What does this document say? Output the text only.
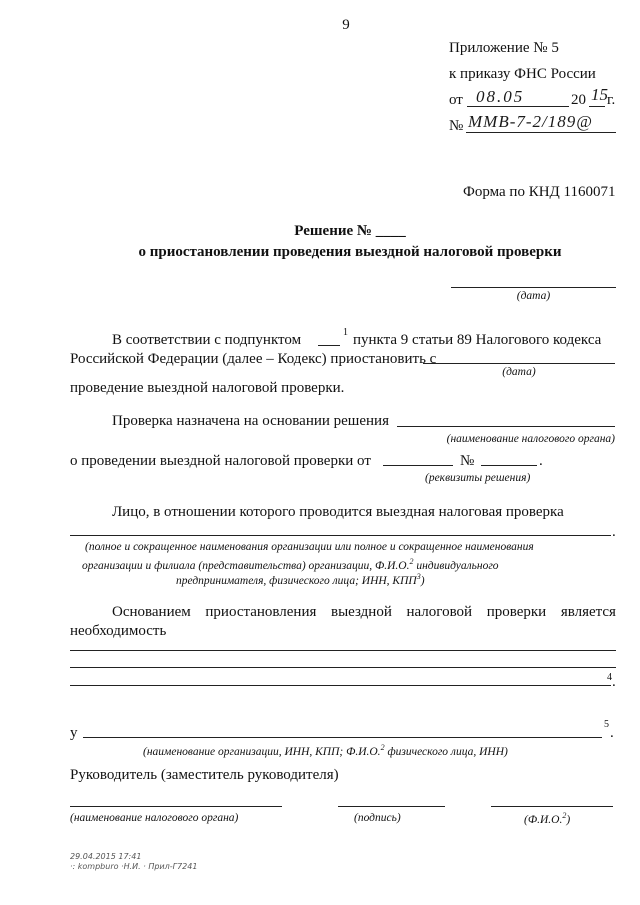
9
Приложение № 5
к приказу ФНС России
от 08.05	20 15 г.
№ ММВ-7-2/189@
Форма по КНД 1160071
Решение № ____
о приостановлении проведения выездной налоговой проверки
(дата)
В соответствии с подпунктом	1 пункта 9 статьи 89 Налогового кодекса
Российской Федерации (далее – Кодекс) приостановить с
(дата)
проведение выездной налоговой проверки.
Проверка назначена на основании решения
(наименование налогового органа)
о проведении выездной налоговой проверки от	№	.
(реквизиты решения)
Лицо, в отношении которого проводится выездная налоговая проверка
.
(полное и сокращенное наименования организации или полное и сокращенное наименования
организации и филиала (представительства) организации, Ф.И.О.$^2$ индивидуального
предпринимателя, физического лица; ИНН, КПП$^3$)
Основанием приостановления выездной налоговой проверки является
необходимость
4 .
у
5
.
(наименование организации, ИНН, КПП; Ф.И.О.$^2$ физического лица, ИНН)
Руководитель (заместитель руководителя)
(наименование налогового органа)	(подпись)	(Ф.И.О.$^2$)
29.04.2015 17:41
·: kompburo ·Н.И. · Прил-Г7241
